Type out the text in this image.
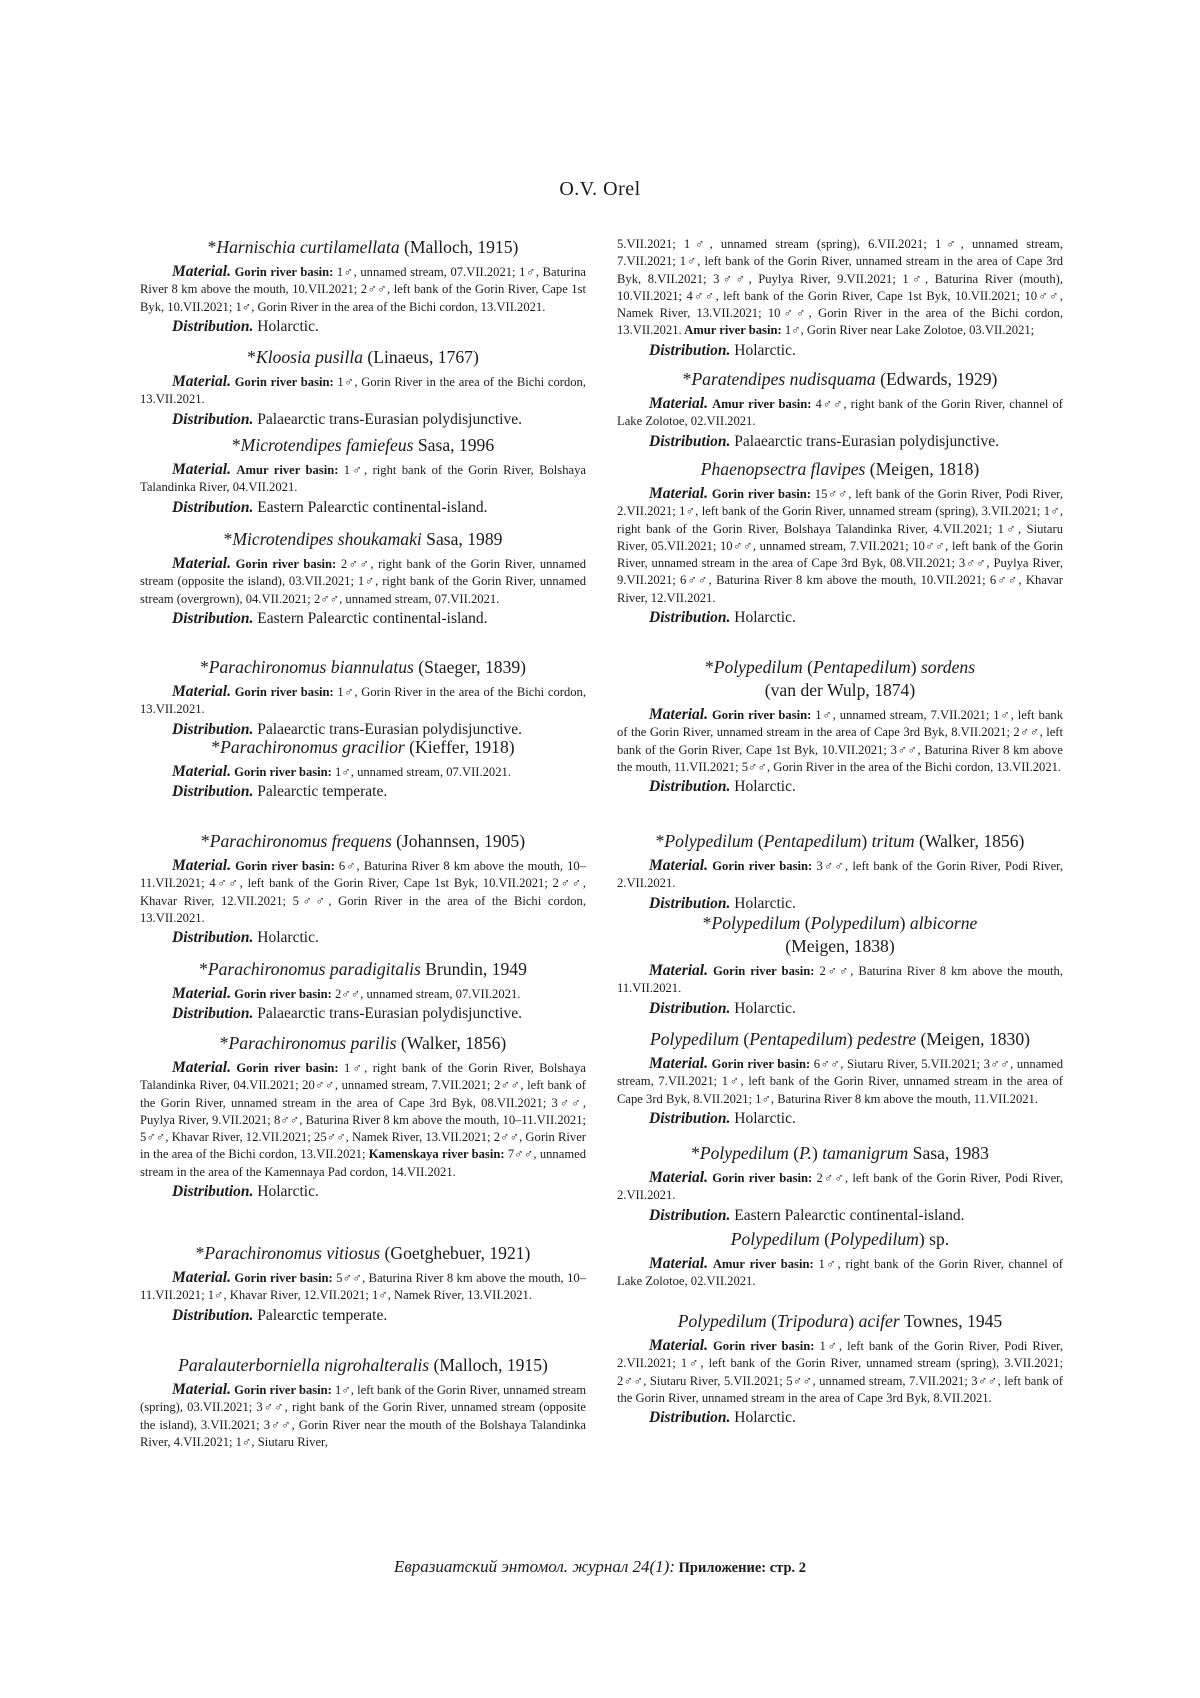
O.V. Orel

*Harnischia curtilamellata (Malloch, 1915)

Material. Gorin river basin: 1♂, unnamed stream, 07.VII.2021; 1♂, Baturina River 8 km above the mouth, 10.VII.2021; 2♂♂, left bank of the Gorin River, Cape 1st Byk, 10.VII.2021; 1♂, Gorin River in the area of the Bichi cordon, 13.VII.2021.

Distribution. Holarctic.

*Kloosia pusilla (Linaeus, 1767)

Material. Gorin river basin: 1♂, Gorin River in the area of the Bichi cordon, 13.VII.2021.

Distribution. Palaearctic trans-Eurasian polydisjunctive.

*Microtendipes famiefeus Sasa, 1996

Material. Amur river basin: 1♂, right bank of the Gorin River, Bolshaya Talandinka River, 04.VII.2021.

Distribution. Eastern Palearctic continental-island.

*Microtendipes shoukamaki Sasa, 1989

Material. Gorin river basin: 2♂♂, right bank of the Gorin River, unnamed stream (opposite the island), 03.VII.2021; 1♂, right bank of the Gorin River, unnamed stream (overgrown), 04.VII.2021; 2♂♂, unnamed stream, 07.VII.2021.

Distribution. Eastern Palearctic continental-island.

*Parachironomus biannulatus (Staeger, 1839)

Material. Gorin river basin: 1♂, Gorin River in the area of the Bichi cordon, 13.VII.2021.

Distribution. Palaearctic trans-Eurasian polydisjunctive.

*Parachironomus gracilior (Kieffer, 1918)

Material. Gorin river basin: 1♂, unnamed stream, 07.VII.2021.

Distribution. Palearctic temperate.

*Parachironomus frequens (Johannsen, 1905)

Material. Gorin river basin: 6♂, Baturina River 8 km above the mouth, 10–11.VII.2021; 4♂♂, left bank of the Gorin River, Cape 1st Byk, 10.VII.2021; 2♂♂, Khavar River, 12.VII.2021; 5♂♂, Gorin River in the area of the Bichi cordon, 13.VII.2021.

Distribution. Holarctic.

*Parachironomus paradigitalis Brundin, 1949

Material. Gorin river basin: 2♂♂, unnamed stream, 07.VII.2021.

Distribution. Palaearctic trans-Eurasian polydisjunctive.

*Parachironomus parilis (Walker, 1856)

Material. Gorin river basin: 1♂, right bank of the Gorin River, Bolshaya Talandinka River, 04.VII.2021; 20♂♂, unnamed stream, 7.VII.2021; 2♂♂, left bank of the Gorin River, unnamed stream in the area of Cape 3rd Byk, 08.VII.2021; 3♂♂, Puylya River, 9.VII.2021; 8♂♂, Baturina River 8 km above the mouth, 10–11.VII.2021; 5♂♂, Khavar River, 12.VII.2021; 25♂♂, Namek River, 13.VII.2021; 2♂♂, Gorin River in the area of the Bichi cordon, 13.VII.2021; Kamenskaya river basin: 7♂♂, unnamed stream in the area of the Kamennaya Pad cordon, 14.VII.2021.

Distribution. Holarctic.

*Parachironomus vitiosus (Goetghebuer, 1921)

Material. Gorin river basin: 5♂♂, Baturina River 8 km above the mouth, 10–11.VII.2021; 1♂, Khavar River, 12.VII.2021; 1♂, Namek River, 13.VII.2021.

Distribution. Palearctic temperate.

Paralauterborniella nigrohalteralis (Malloch, 1915)

Material. Gorin river basin: 1♂, left bank of the Gorin River, unnamed stream (spring), 03.VII.2021; 3♂♂, right bank of the Gorin River, unnamed stream (opposite the island), 3.VII.2021; 3♂♂, Gorin River near the mouth of the Bolshaya Talandinka River, 4.VII.2021; 1♂, Siutaru River,

5.VII.2021; 1♂, unnamed stream (spring), 6.VII.2021; 1♂, unnamed stream, 7.VII.2021; 1♂, left bank of the Gorin River, unnamed stream in the area of Cape 3rd Byk, 8.VII.2021; 3♂♂, Puylya River, 9.VII.2021; 1♂, Baturina River (mouth), 10.VII.2021; 4♂♂, left bank of the Gorin River, Cape 1st Byk, 10.VII.2021; 10♂♂, Namek River, 13.VII.2021; 10♂♂, Gorin River in the area of the Bichi cordon, 13.VII.2021. Amur river basin: 1♂, Gorin River near Lake Zolotoe, 03.VII.2021;

Distribution. Holarctic.

*Paratendipes nudisquama (Edwards, 1929)

Material. Amur river basin: 4♂♂, right bank of the Gorin River, channel of Lake Zolotoe, 02.VII.2021.

Distribution. Palaearctic trans-Eurasian polydisjunctive.

Phaenopsectra flavipes (Meigen, 1818)

Material. Gorin river basin: 15♂♂, left bank of the Gorin River, Podi River, 2.VII.2021; 1♂, left bank of the Gorin River, unnamed stream (spring), 3.VII.2021; 1♂, right bank of the Gorin River, Bolshaya Talandinka River, 4.VII.2021; 1♂, Siutaru River, 05.VII.2021; 10♂♂, unnamed stream, 7.VII.2021; 10♂♂, left bank of the Gorin River, unnamed stream in the area of Cape 3rd Byk, 08.VII.2021; 3♂♂, Puylya River, 9.VII.2021; 6♂♂, Baturina River 8 km above the mouth, 10.VII.2021; 6♂♂, Khavar River, 12.VII.2021.

Distribution. Holarctic.

*Polypedilum (Pentapedilum) sordens
(van der Wulp, 1874)

Material. Gorin river basin: 1♂, unnamed stream, 7.VII.2021; 1♂, left bank of the Gorin River, unnamed stream in the area of Cape 3rd Byk, 8.VII.2021; 2♂♂, left bank of the Gorin River, Cape 1st Byk, 10.VII.2021; 3♂♂, Baturina River 8 km above the mouth, 11.VII.2021; 5♂♂, Gorin River in the area of the Bichi cordon, 13.VII.2021.

Distribution. Holarctic.

*Polypedilum (Pentapedilum) tritum (Walker, 1856)

Material. Gorin river basin: 3♂♂, left bank of the Gorin River, Podi River, 2.VII.2021.

Distribution. Holarctic.

*Polypedilum (Polypedilum) albicorne
(Meigen, 1838)

Material. Gorin river basin: 2♂♂, Baturina River 8 km above the mouth, 11.VII.2021.

Distribution. Holarctic.

Polypedilum (Pentapedilum) pedestre (Meigen, 1830)

Material. Gorin river basin: 6♂♂, Siutaru River, 5.VII.2021; 3♂♂, unnamed stream, 7.VII.2021; 1♂, left bank of the Gorin River, unnamed stream in the area of Cape 3rd Byk, 8.VII.2021; 1♂, Baturina River 8 km above the mouth, 11.VII.2021.

Distribution. Holarctic.

*Polypedilum (P.) tamanigrum Sasa, 1983

Material. Gorin river basin: 2♂♂, left bank of the Gorin River, Podi River, 2.VII.2021.

Distribution. Eastern Palearctic continental-island.

Polypedilum (Polypedilum) sp.

Material. Amur river basin: 1♂, right bank of the Gorin River, channel of Lake Zolotoe, 02.VII.2021.

Polypedilum (Tripodura) acifer Townes, 1945

Material. Gorin river basin: 1♂, left bank of the Gorin River, Podi River, 2.VII.2021; 1♂, left bank of the Gorin River, unnamed stream (spring), 3.VII.2021; 2♂♂, Siutaru River, 5.VII.2021; 5♂♂, unnamed stream, 7.VII.2021; 3♂♂, left bank of the Gorin River, unnamed stream in the area of Cape 3rd Byk, 8.VII.2021.

Distribution. Holarctic.

Евразиатский энтомол. журнал 24(1): Приложение: стр. 2
